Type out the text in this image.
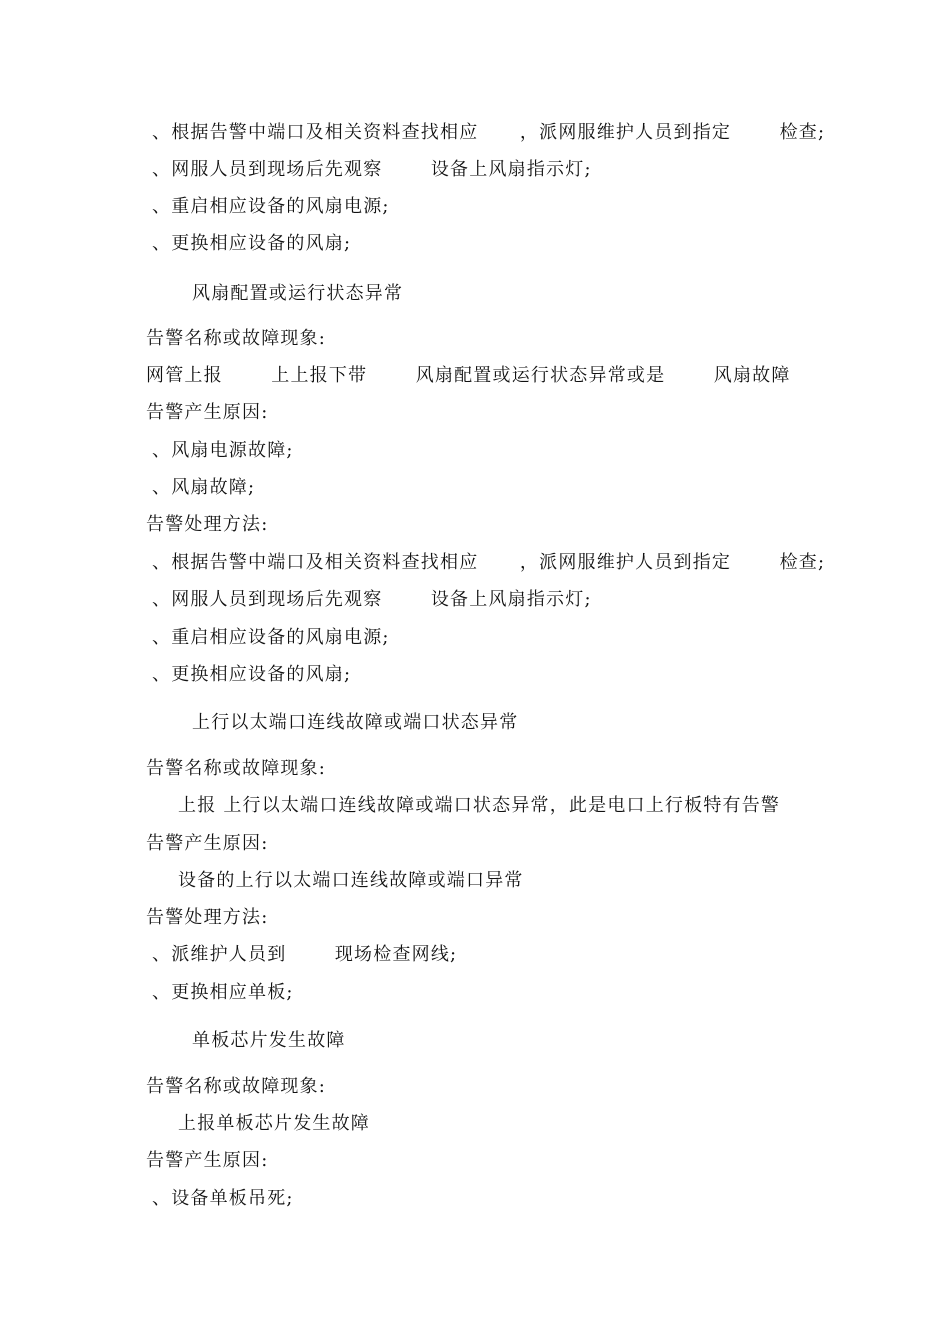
、根据告警中端口及相关资料查找相应      ，派网服维护人员到指定       检查;
、网服人员到现场后先观察       设备上风扇指示灯;
、重启相应设备的风扇电源;
、更换相应设备的风扇;
风扇配置或运行状态异常
告警名称或故障现象:
网管上报       上上报下带       风扇配置或运行状态异常或是       风扇故障
告警产生原因:
、风扇电源故障;
、风扇故障;
告警处理方法:
、根据告警中端口及相关资料查找相应      ，派网服维护人员到指定       检查;
、网服人员到现场后先观察       设备上风扇指示灯;
、重启相应设备的风扇电源;
、更换相应设备的风扇;
上行以太端口连线故障或端口状态异常
告警名称或故障现象:
上报 上行以太端口连线故障或端口状态异常，此是电口上行板特有告警
告警产生原因:
设备的上行以太端口连线故障或端口异常
告警处理方法:
、派维护人员到       现场检查网线;
、更换相应单板;
单板芯片发生故障
告警名称或故障现象:
上报单板芯片发生故障
告警产生原因:
、设备单板吊死;
